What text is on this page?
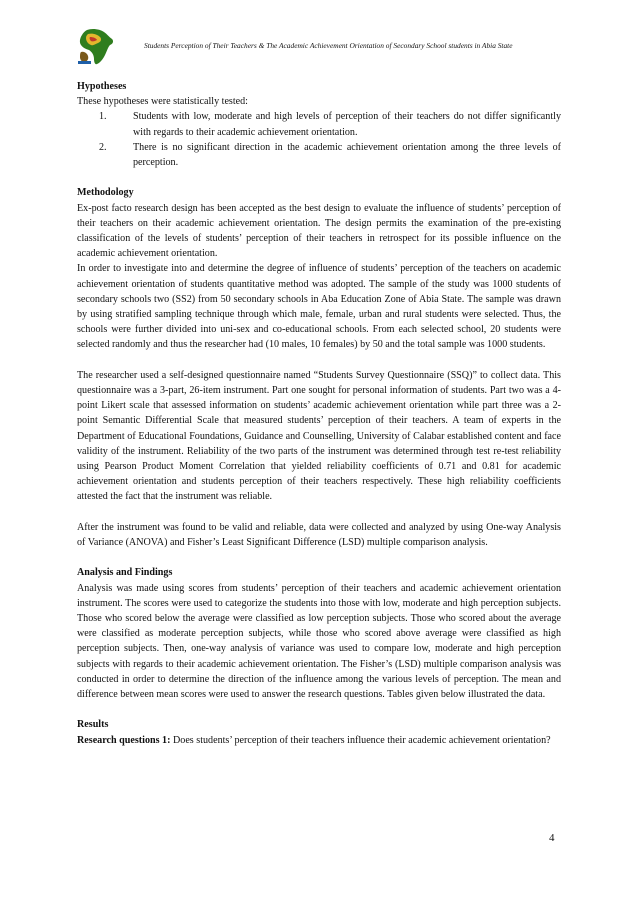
Students Perception of Their Teachers & The Academic Achievement Orientation of Secondary School students in Abia State

Hypotheses

These hypotheses were statistically tested:

1.	Students with low, moderate and high levels of perception of their teachers do not differ significantly with regards to their academic achievement orientation.
2.	There is no significant direction in the academic achievement orientation among the three levels of perception.

Methodology

Ex-post facto research design has been accepted as the best design to evaluate the influence of students’ perception of their teachers on their academic achievement orientation. The design permits the examination of the pre-existing classification of the levels of students’ perception of their teachers in retrospect for its possible influence on the academic achievement orientation.

In order to investigate into and determine the degree of influence of students’ perception of the teachers on academic achievement orientation of students quantitative method was adopted. The sample of the study was 1000 students of secondary schools two (SS2) from 50 secondary schools in Aba Education Zone of Abia State. The sample was drawn by using stratified sampling technique through which male, female, urban and rural students were selected. Thus, the schools were further divided into uni-sex and co-educational schools. From each selected school, 20 students were selected randomly and thus the researcher had (10 males, 10 females) by 50 and the total sample was 1000 students.

The researcher used a self-designed questionnaire named “Students Survey Questionnaire (SSQ)” to collect data. This questionnaire was a 3-part, 26-item instrument. Part one sought for personal information of students. Part two was a 4-point Likert scale that assessed information on students’ academic achievement orientation while part three was a 2-point Semantic Differential Scale that measured students’ perception of their teachers. A team of experts in the Department of Educational Foundations, Guidance and Counselling, University of Calabar established content and face validity of the instrument. Reliability of the two parts of the instrument was determined through test re-test reliability using Pearson Product Moment Correlation that yielded reliability coefficients of 0.71 and 0.81 for academic achievement orientation and students perception of their teachers respectively. These high reliability coefficients attested the fact that the instrument was reliable.

After the instrument was found to be valid and reliable, data were collected and analyzed by using One-way Analysis of Variance (ANOVA) and Fisher’s Least Significant Difference (LSD) multiple comparison analysis.

Analysis and Findings

Analysis was made using scores from students’ perception of their teachers and academic achievement orientation instrument. The scores were used to categorize the students into those with low, moderate and high perception subjects. Those who scored below the average were classified as low perception subjects. Those who scored about the average were classified as moderate perception subjects, while those who scored above average were classified as high perception subjects. Then, one-way analysis of variance was used to compare low, moderate and high perception subjects with regards to their academic achievement orientation. The Fisher’s (LSD) multiple comparison analysis was conducted in order to determine the direction of the influence among the various levels of perception. The mean and difference between mean scores were used to answer the research questions. Tables given below illustrated the data.

Results

Research questions 1: Does students’ perception of their teachers influence their academic achievement orientation?

4
